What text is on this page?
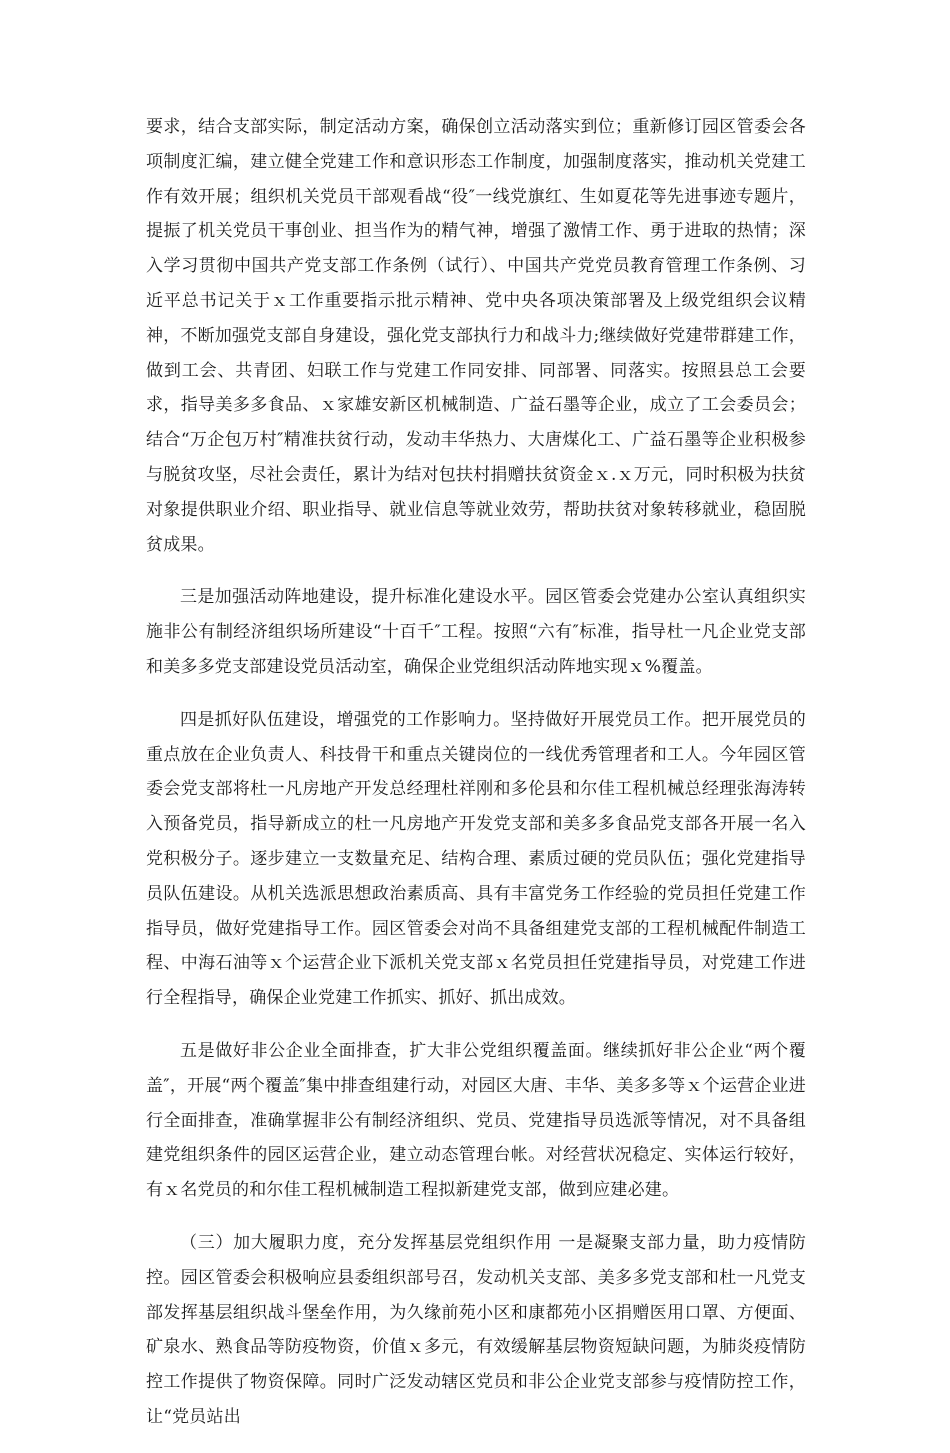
要求，结合支部实际，制定活动方案，确保创立活动落实到位；重新修订园区管委会各项制度汇编，建立健全党建工作和意识形态工作制度，加强制度落实，推动机关党建工作有效开展；组织机关党员干部观看战“役″一线党旗红、生如夏花等先进事迹专题片，提振了机关党员干事创业、担当作为的精气神，增强了激情工作、勇于进取的热情；深入学习贯彻中国共产党支部工作条例（试行）、中国共产党党员教育管理工作条例、习近平总书记关于ｘ工作重要指示批示精神、党中央各项决策部署及上级党组织会议精神，不断加强党支部自身建设，强化党支部执行力和战斗力;继续做好党建带群建工作，做到工会、共青团、妇联工作与党建工作同安排、同部署、同落实。按照县总工会要求，指导美多多食品、ｘ家雄安新区机械制造、广益石墨等企业，成立了工会委员会；结合“万企包万村″精准扶贫行动，发动丰华热力、大唐煤化工、广益石墨等企业积极参与脱贫攻坚，尽社会责任，累计为结对包扶村捐赠扶贫资金ｘ.ｘ万元，同时积极为扶贫对象提供职业介绍、职业指导、就业信息等就业效劳，帮助扶贫对象转移就业，稳固脱贫成果。

三是加强活动阵地建设，提升标准化建设水平。园区管委会党建办公室认真组织实施非公有制经济组织场所建设“十百千″工程。按照“六有″标准，指导杜一凡企业党支部和美多多党支部建设党员活动室，确保企业党组织活动阵地实现ｘ%覆盖。

四是抓好队伍建设，增强党的工作影响力。坚持做好开展党员工作。把开展党员的重点放在企业负责人、科技骨干和重点关键岗位的一线优秀管理者和工人。今年园区管委会党支部将杜一凡房地产开发总经理杜祥刚和多伦县和尔佳工程机械总经理张海涛转入预备党员，指导新成立的杜一凡房地产开发党支部和美多多食品党支部各开展一名入党积极分子。逐步建立一支数量充足、结构合理、素质过硬的党员队伍；强化党建指导员队伍建设。从机关选派思想政治素质高、具有丰富党务工作经验的党员担任党建工作指导员，做好党建指导工作。园区管委会对尚不具备组建党支部的工程机械配件制造工程、中海石油等ｘ个运营企业下派机关党支部ｘ名党员担任党建指导员，对党建工作进行全程指导，确保企业党建工作抓实、抓好、抓出成效。

五是做好非公企业全面排查，扩大非公党组织覆盖面。继续抓好非公企业“两个覆盖″，开展“两个覆盖″集中排查组建行动，对园区大唐、丰华、美多多等ｘ个运营企业进行全面排查，准确掌握非公有制经济组织、党员、党建指导员选派等情况，对不具备组建党组织条件的园区运营企业，建立动态管理台帐。对经营状况稳定、实体运行较好，有ｘ名党员的和尔佳工程机械制造工程拟新建党支部，做到应建必建。

（三）加大履职力度，充分发挥基层党组织作用 一是凝聚支部力量，助力疫情防控。园区管委会积极响应县委组织部号召，发动机关支部、美多多党支部和杜一凡党支部发挥基层组织战斗堡垒作用，为久缘前苑小区和康都苑小区捐赠医用口罩、方便面、矿泉水、熟食品等防疫物资，价值ｘ多元，有效缓解基层物资短缺问题，为肺炎疫情防控工作提供了物资保障。同时广泛发动辖区党员和非公企业党支部参与疫情防控工作，让“党员站出
